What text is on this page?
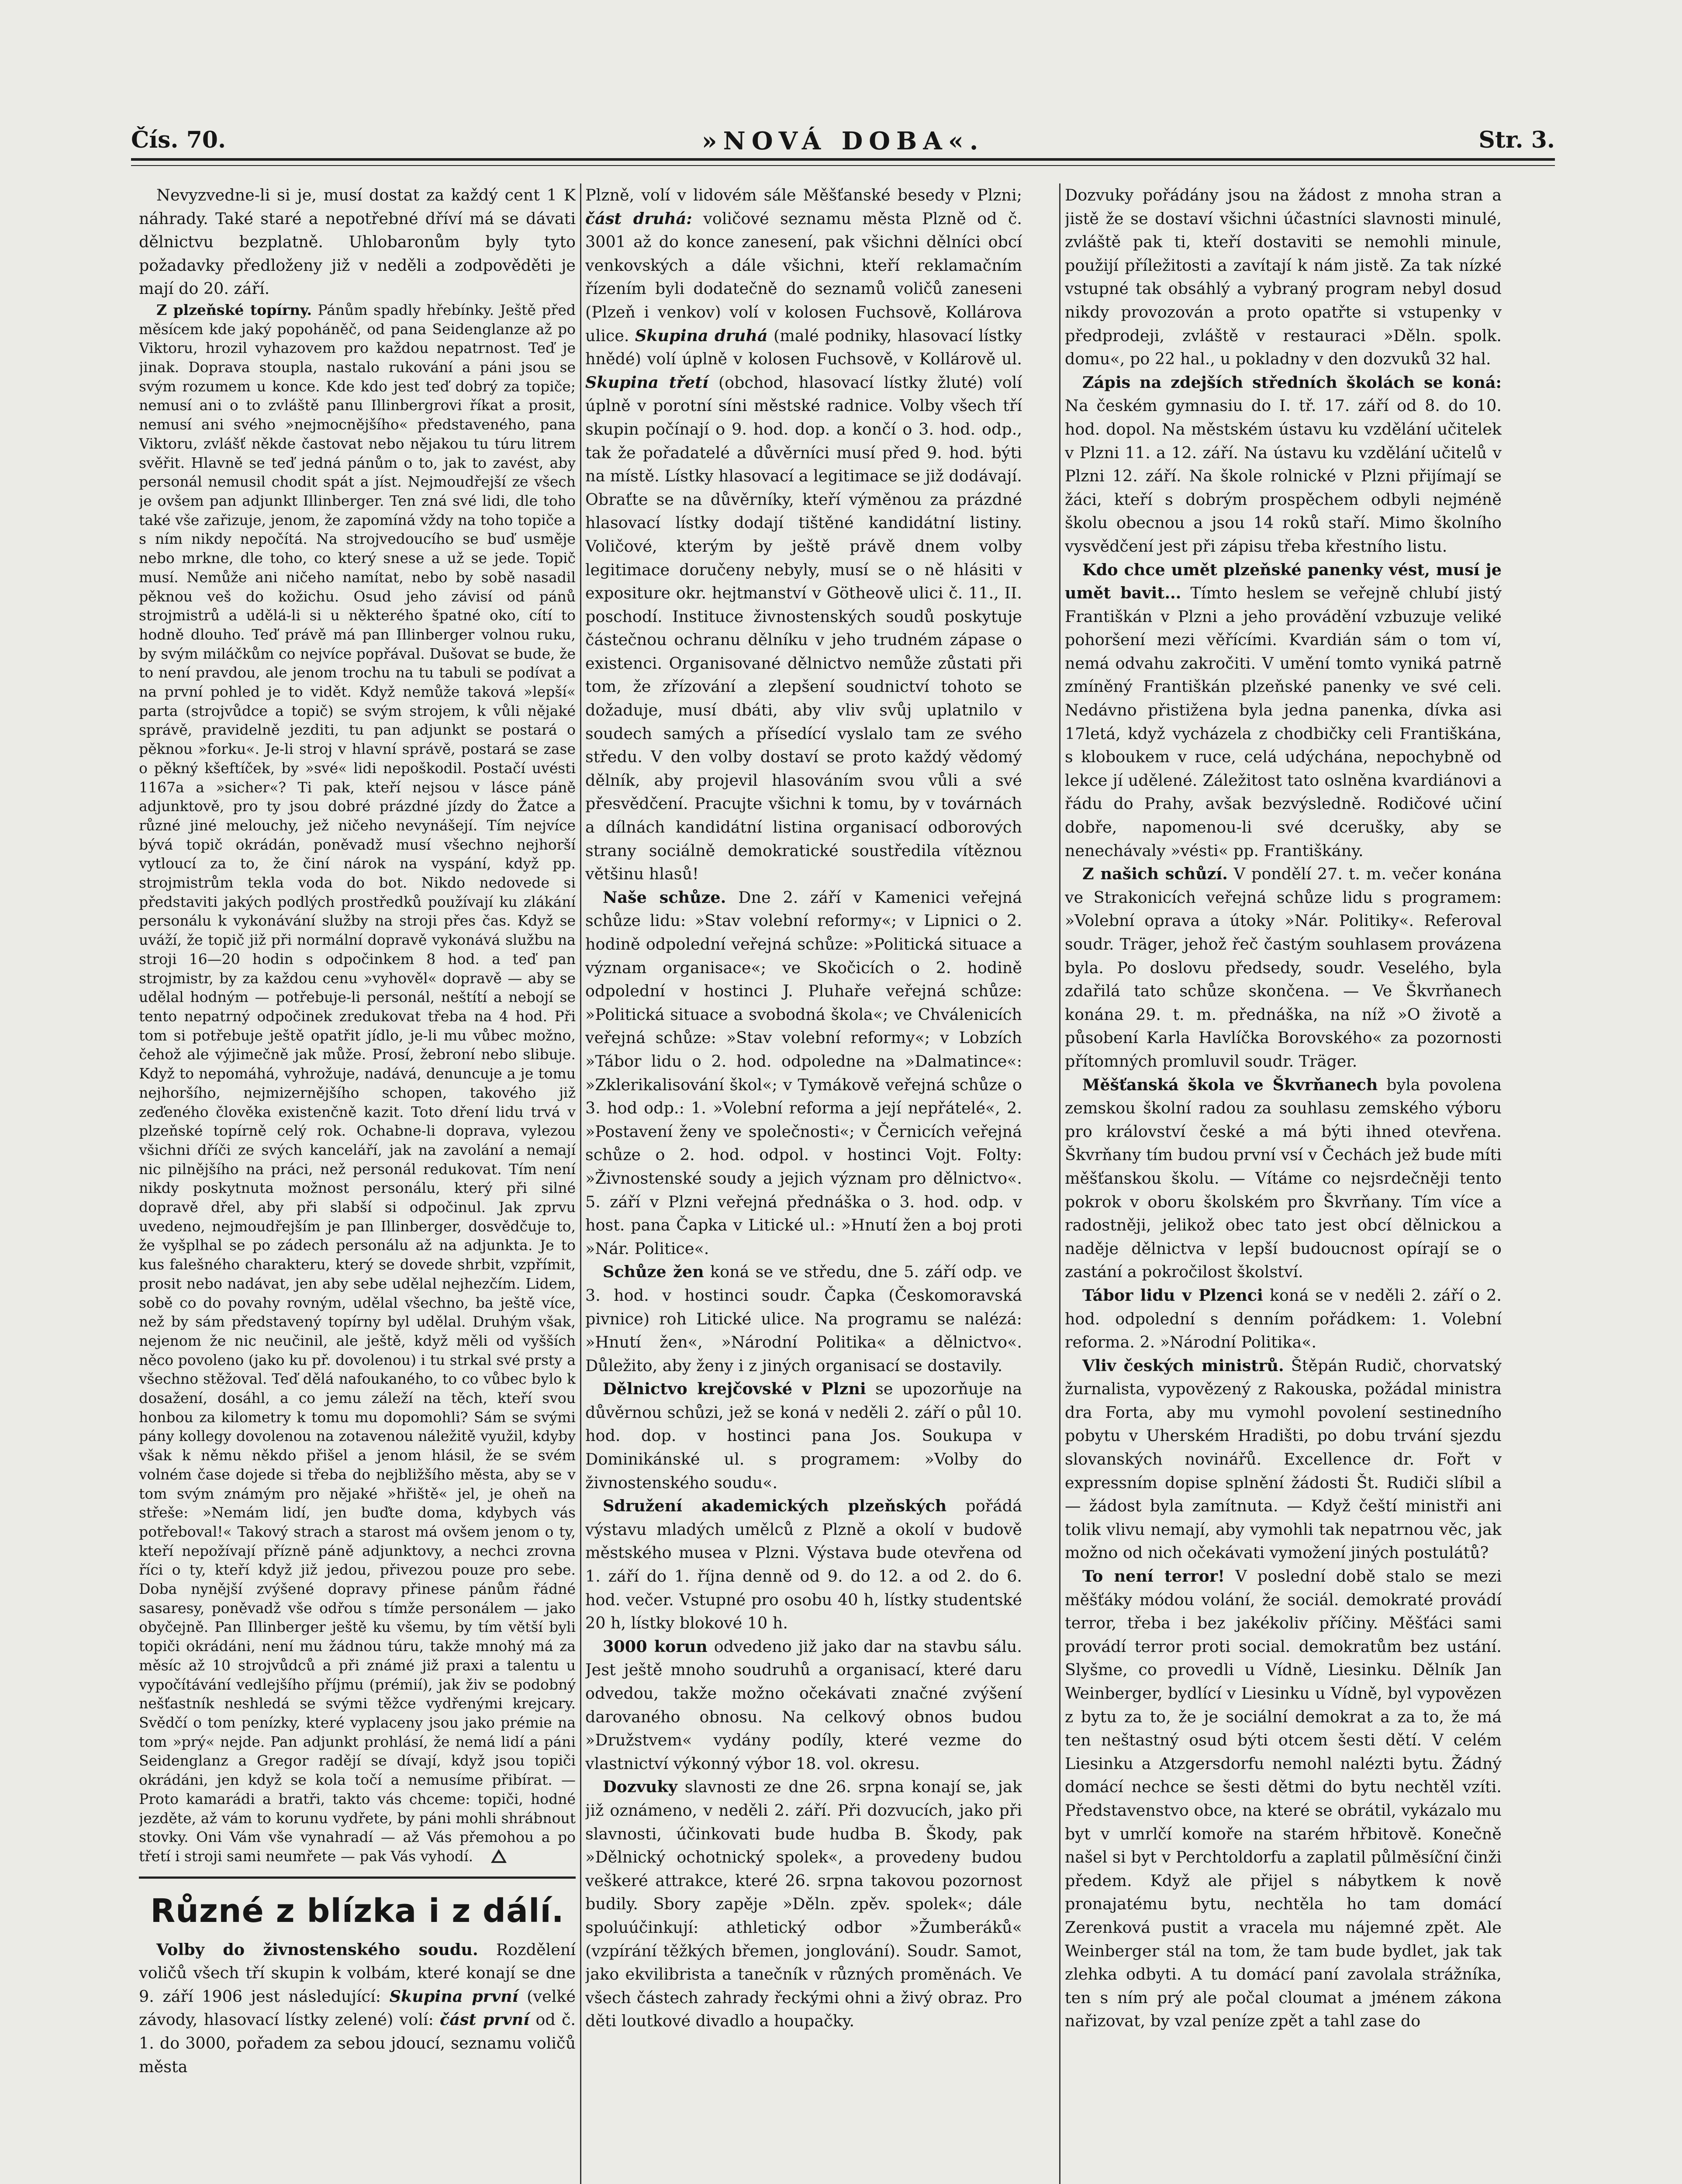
Čís. 70.	»NOVÁ DOBA«.	Str. 3.

Nevyzvedne-li si je, musí dostat za každý cent 1 K náhrady. Také staré a nepotřebné dříví má se dávati dělnictvu bezplatně. Uhlobaronům byly tyto požadavky předloženy již v neděli a zodpověděti je mají do 20. září.

Z plzeňské topírny. Pánům spadly hřebínky. Ještě před měsícem kde jaký popoháněč, od pana Seidenglanze až po Viktoru, hrozil vyhazovem pro každou nepatrnost. Teď je jinak. Doprava stoupla, nastalo rukování a páni jsou se svým rozumem u konce. Kde kdo jest teď dobrý za topiče; nemusí ani o to zvláště panu Illinbergrovi říkat a prosit, nemusí ani svého »nejmocnějšího« představeného, pana Viktoru, zvlášť někde častovat nebo nějakou tu túru litrem svěřit. Hlavně se teď jedná pánům o to, jak to zavést, aby personál nemusil chodit spát a jíst. Nejmoudřejší ze všech je ovšem pan adjunkt Illinberger. Ten zná své lidi, dle toho také vše zařizuje, jenom, že zapomíná vždy na toho topiče a s ním nikdy nepočítá. Na strojvedoucího se buď usměje nebo mrkne, dle toho, co který snese a už se jede. Topič musí. Nemůže ani ničeho namítat, nebo by sobě nasadil pěknou veš do kožichu. Osud jeho závisí od pánů strojmistrů a udělá-li si u některého špatné oko, cítí to hodně dlouho. Teď právě má pan Illinberger volnou ruku, by svým miláčkům co nejvíce popřával. Dušovat se bude, že to není pravdou, ale jenom trochu na tu tabuli se podívat a na první pohled je to vidět. Když nemůže taková »lepší« parta (strojvůdce a topič) se svým strojem, k vůli nějaké správě, pravidelně jezditi, tu pan adjunkt se postará o pěknou »forku«. Je-li stroj v hlavní správě, postará se zase o pěkný kšeftíček, by »své« lidi nepoškodil. Postačí uvésti 1167a a »sicher«? Ti pak, kteří nejsou v lásce páně adjunktově, pro ty jsou dobré prázdné jízdy do Žatce a různé jiné melouchy, jež ničeho nevynášejí. Tím nejvíce bývá topič okrádán, poněvadž musí všechno nejhorší vytloucí za to, že činí nárok na vyspání, když pp. strojmistrům tekla voda do bot. Nikdo nedovede si představiti jakých podlých prostředků používají ku zlákání personálu k vykonávání služby na stroji přes čas. Když se uváží, že topič již při normální dopravě vykonává službu na stroji 16—20 hodin s odpočinkem 8 hod. a teď pan strojmistr, by za každou cenu »vyhověl« dopravě — aby se udělal hodným — potřebuje-li personál, neštítí a nebojí se tento nepatrný odpočinek zredukovat třeba na 4 hod. Při tom si potřebuje ještě opatřit jídlo, je-li mu vůbec možno, čehož ale výjimečně jak může. Prosí, žebroní nebo slibuje. Když to nepomáhá, vyhrožuje, nadává, denuncuje a je tomu nejhoršího, nejmizernějšího schopen, takového již zeďeného člověka existenčně kazit. Toto dření lidu trvá v plzeňské topírně celý rok. Ochabne-li doprava, vylezou všichni dříči ze svých kanceláří, jak na zavolání a nemají nic pilnějšího na práci, než personál redukovat. Tím není nikdy poskytnuta možnost personálu, který při silné dopravě dřel, aby při slabší si odpočinul. Jak zprvu uvedeno, nejmoudřejším je pan Illinberger, dosvědčuje to, že vyšplhal se po zádech personálu až na adjunkta. Je to kus falešného charakteru, který se dovede shrbit, vzpřímit, prosit nebo nadávat, jen aby sebe udělal nejhezčím. Lidem, sobě co do povahy rovným, udělal všechno, ba ještě více, než by sám představený topírny byl udělal. Druhým však, nejenom že nic neučinil, ale ještě, když měli od vyšších něco povoleno (jako ku př. dovolenou) i tu strkal své prsty a všechno stěžoval. Teď dělá nafoukaného, to co vůbec bylo k dosažení, dosáhl, a co jemu záleží na těch, kteří svou honbou za kilometry k tomu mu dopomohli? Sám se svými pány kollegy dovolenou na zotavenou náležitě využil, kdyby však k němu někdo přišel a jenom hlásil, že se svém volném čase dojede si třeba do nejbližšího města, aby se v tom svým známým pro nějaké »hřiště« jel, je oheň na střeše: »Nemám lidí, jen buďte doma, kdybych vás potřeboval!« Takový strach a starost má ovšem jenom o ty, kteří nepožívají přízně páně adjunktovy, a nechci zrovna říci o ty, kteří když již jedou, přivezou pouze pro sebe. Doba nynější zvýšené dopravy přinese pánům řádné sasaresy, poněvadž vše odřou s tímže personálem — jako obyčejně. Pan Illinberger ještě ku všemu, by tím větší byli topiči okrádáni, není mu žádnou túru, takže mnohý má za měsíc až 10 strojvůdců a při známé již praxi a talentu u vypočítávání vedlejšího příjmu (prémií), jak živ se podobný nešťastník neshledá se svými těžce vydřenými krejcary. Svědčí o tom penízky, které vyplaceny jsou jako prémie na tom »prý« nejde. Pan adjunkt prohlásí, že nemá lidí a páni Seidenglanz a Gregor radějí se dívají, když jsou topiči okrádáni, jen když se kola točí a nemusíme přibírat. — Proto kamarádi a bratři, takto vás chceme: topiči, hodné jezděte, až vám to korunu vydřete, by páni mohli shrábnout stovky. Oni Vám vše vynahradí — až Vás přemohou a po třetí i stroji sami neumřete — pak Vás vyhodí.

Různé z blízka i z dálí.

Volby do živnostenského soudu. Rozdělení voličů všech tří skupin k volbám, které konají se dne 9. září 1906 jest následující: Skupina první (velké závody, hlasovací lístky zelené) volí: část první od č. 1. do 3000, pořadem za sebou jdoucí, seznamu voličů města

Plzně, volí v lidovém sále Měšťanské besedy v Plzni; část druhá: voličové seznamu města Plzně od č. 3001 až do konce zanesení, pak všichni dělníci obcí venkovských a dále všichni, kteří reklamačním řízením byli dodatečně do seznamů voličů zaneseni (Plzeň i venkov) volí v kolosen Fuchsově, Kollárova ulice. Skupina druhá (malé podniky, hlasovací lístky hnědé) volí úplně v kolosen Fuchsově, v Kollárově ul. Skupina třetí (obchod, hlasovací lístky žluté) volí úplně v porotní síni městské radnice. Volby všech tří skupin počínají o 9. hod. dop. a končí o 3. hod. odp., tak že pořadatelé a důvěrníci musí před 9. hod. býti na místě. Lístky hlasovací a legitimace se již dodávají. Obraťte se na důvěrníky, kteří výměnou za prázdné hlasovací lístky dodají tištěné kandidátní listiny. Voličové, kterým by ještě právě dnem volby legitimace doručeny nebyly, musí se o ně hlásiti v expositure okr. hejtmanství v Götheově ulici č. 11., II. poschodí. Instituce živnostenských soudů poskytuje částečnou ochranu dělníku v jeho trudném zápase o existenci. Organisované dělnictvo nemůže zůstati při tom, že zřízování a zlepšení soudnictví tohoto se dožaduje, musí dbáti, aby vliv svůj uplatnilo v soudech samých a přísedící vyslalo tam ze svého středu. V den volby dostaví se proto každý vědomý dělník, aby projevil hlasováním svou vůli a své přesvědčení. Pracujte všichni k tomu, by v továrnách a dílnách kandidátní listina organisací odborových strany sociálně demokratické soustředila vítěznou většinu hlasů!

Naše schůze. Dne 2. září v Kamenici veřejná schůze lidu: »Stav volební reformy«; v Lipnici o 2. hodině odpolední veřejná schůze: »Politická situace a význam organisace«; ve Skočicích o 2. hodině odpolední v hostinci J. Pluhaře veřejná schůze: »Politická situace a svobodná škola«; ve Chválenicích veřejná schůze: »Stav volební reformy«; v Lobzích »Tábor lidu o 2. hod. odpoledne na »Dalmatince«: »Zklerikalisování škol«; v Tymákově veřejná schůze o 3. hod odp.: 1. »Volební reforma a její nepřátelé«, 2. »Postavení ženy ve společnosti«; v Černicích veřejná schůze o 2. hod. odpol. v hostinci Vojt. Folty: »Živnostenské soudy a jejich význam pro dělnictvo«. 5. září v Plzni veřejná přednáška o 3. hod. odp. v host. pana Čapka v Litické ul.: »Hnutí žen a boj proti »Nár. Politice«.

Schůze žen koná se ve středu, dne 5. září odp. ve 3. hod. v hostinci soudr. Čapka (Českomoravská pivnice) roh Litické ulice. Na programu se nalézá: »Hnutí žen«, »Národní Politika« a dělnictvo«. Důležito, aby ženy i z jiných organisací se dostavily.

Dělnictvo krejčovské v Plzni se upozorňuje na důvěrnou schůzi, jež se koná v neděli 2. září o půl 10. hod. dop. v hostinci pana Jos. Soukupa v Dominikánské ul. s programem: »Volby do živnostenského soudu«.

Sdružení akademických plzeňských pořádá výstavu mladých umělců z Plzně a okolí v budově městského musea v Plzni. Výstava bude otevřena od 1. září do 1. října denně od 9. do 12. a od 2. do 6. hod. večer. Vstupné pro osobu 40 h, lístky studentské 20 h, lístky blokové 10 h.

3000 korun odvedeno již jako dar na stavbu sálu. Jest ještě mnoho soudruhů a organisací, které daru odvedou, takže možno očekávati značné zvýšení darovaného obnosu. Na celkový obnos budou »Družstvem« vydány podíly, které vezme do vlastnictví výkonný výbor 18. vol. okresu.

Dozvuky slavnosti ze dne 26. srpna konají se, jak již oznámeno, v neděli 2. září. Při dozvucích, jako při slavnosti, účinkovati bude hudba B. Škody, pak »Dělnický ochotnický spolek«, a provedeny budou veškeré attrakce, které 26. srpna takovou pozornost budily. Sbory zapěje »Děln. zpěv. spolek«; dále spoluúčinkují: athletický odbor »Žumberáků« (vzpírání těžkých břemen, jonglování). Soudr. Samot, jako ekvilibrista a tanečník v různých proměnách. Ve všech částech zahrady řeckými ohni a živý obraz. Pro děti loutkové divadlo a houpačky.

Dozvuky pořádány jsou na žádost z mnoha stran a jistě že se dostaví všichni účastníci slavnosti minulé, zvláště pak ti, kteří dostaviti se nemohli minule, použijí příležitosti a zavítají k nám jistě. Za tak nízké vstupné tak obsáhlý a vybraný program nebyl dosud nikdy provozován a proto opatřte si vstupenky v předprodeji, zvláště v restauraci »Děln. spolk. domu«, po 22 hal., u pokladny v den dozvuků 32 hal.

Zápis na zdejších středních školách se koná: Na českém gymnasiu do I. tř. 17. září od 8. do 10. hod. dopol. Na městském ústavu ku vzdělání učitelek v Plzni 11. a 12. září. Na ústavu ku vzdělání učitelů v Plzni 12. září. Na škole rolnické v Plzni přijímají se žáci, kteří s dobrým prospěchem odbyli nejméně školu obecnou a jsou 14 roků staří. Mimo školního vysvědčení jest při zápisu třeba křestního listu.

Kdo chce umět plzeňské panenky vést, musí je umět bavit... Tímto heslem se veřejně chlubí jistý Františkán v Plzni a jeho provádění vzbuzuje veliké pohoršení mezi věřícími. Kvardián sám o tom ví, nemá odvahu zakročiti. V umění tomto vyniká patrně zmíněný Františkán plzeňské panenky ve své celi. Nedávno přistižena byla jedna panenka, dívka asi 17letá, když vycházela z chodbičky celi Františkána, s kloboukem v ruce, celá udýchána, nepochybně od lekce jí udělené. Záležitost tato oslněna kvardiánovi a řádu do Prahy, avšak bezvýsledně. Rodičové učiní dobře, napomenou-li své dcerušky, aby se nenechávaly »vésti« pp. Františkány.

Z našich schůzí. V pondělí 27. t. m. večer konána ve Strakonicích veřejná schůze lidu s programem: »Volební oprava a útoky »Nár. Politiky«. Referoval soudr. Träger, jehož řeč častým souhlasem provázena byla. Po doslovu předsedy, soudr. Veselého, byla zdařilá tato schůze skončena. — Ve Škvrňanech konána 29. t. m. přednáška, na níž »O životě a působení Karla Havlíčka Borovského« za pozornosti přítomných promluvil soudr. Träger.

Měšťanská škola ve Škvrňanech byla povolena zemskou školní radou za souhlasu zemského výboru pro království české a má býti ihned otevřena. Škvrňany tím budou první vsí v Čechách jež bude míti měšťanskou školu. — Vítáme co nejsrdečněji tento pokrok v oboru školském pro Škvrňany. Tím více a radostněji, jelikož obec tato jest obcí dělnickou a naděje dělnictva v lepší budoucnost opírají se o zastání a pokročilost školství.

Tábor lidu v Plzenci koná se v neděli 2. září o 2. hod. odpolední s denním pořádkem: 1. Volební reforma. 2. »Národní Politika«.

Vliv českých ministrů. Štěpán Rudič, chorvatský žurnalista, vypovězený z Rakouska, požádal ministra dra Forta, aby mu vymohl povolení sestinedního pobytu v Uherském Hradišti, po dobu trvání sjezdu slovanských novinářů. Excellence dr. Fořt v expressním dopise splnění žádosti Št. Rudiči slíbil a — žádost byla zamítnuta. — Když čeští ministři ani tolik vlivu nemají, aby vymohli tak nepatrnou věc, jak možno od nich očekávati vymožení jiných postulátů?

To není terror! V poslední době stalo se mezi měšťáky módou volání, že sociál. demokraté provádí terror, třeba i bez jakékoliv příčiny. Měšťáci sami provádí terror proti social. demokratům bez ustání. Slyšme, co provedli u Vídně, Liesinku. Dělník Jan Weinberger, bydlící v Liesinku u Vídně, byl vypovězen z bytu za to, že je sociální demokrat a za to, že má ten neštastný osud býti otcem šesti dětí. V celém Liesinku a Atzgersdorfu nemohl nalézti bytu. Žádný domácí nechce se šesti dětmi do bytu nechtěl vzíti. Představenstvo obce, na které se obrátil, vykázalo mu byt v umrlčí komoře na starém hřbitově. Konečně našel si byt v Perchtoldorfu a zaplatil půlměsíční činži předem. Když ale přijel s nábytkem k nově pronajatému bytu, nechtěla ho tam domácí Zerenková pustit a vracela mu nájemné zpět. Ale Weinberger stál na tom, že tam bude bydlet, jak tak zlehka odbyti. A tu domácí paní zavolala strážníka, ten s ním prý ale počal cloumat a jménem zákona nařizovat, by vzal peníze zpět a tahl zase do
